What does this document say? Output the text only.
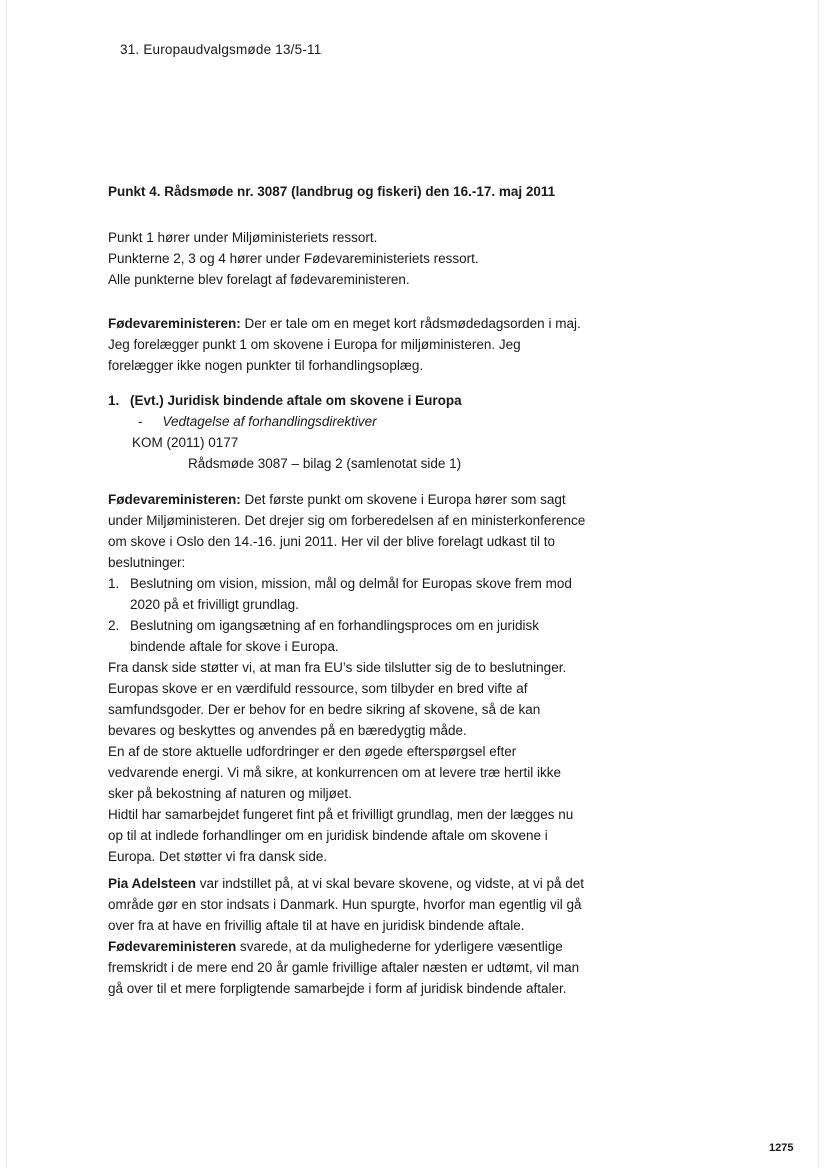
31. Europaudvalgsmøde 13/5-11
Punkt 4. Rådsmøde nr. 3087 (landbrug og fiskeri) den 16.-17. maj 2011

Punkt 1 hører under Miljøministeriets ressort.

Punkterne 2, 3 og 4 hører under Fødevareministeriets ressort.

Alle punkterne blev forelagt af fødevareministeren.

Fødevareministeren: Der er tale om en meget kort rådsmødedagsorden i maj. Jeg forelægger punkt 1 om skovene i Europa for miljøministeren. Jeg forelægger ikke nogen punkter til forhandlingsoplæg.

1. (Evt.) Juridisk bindende aftale om skovene i Europa
- Vedtagelse af forhandlingsdirektiver
KOM (2011) 0177
Rådsmøde 3087 – bilag 2 (samlenotat side 1)

Fødevareministeren: Det første punkt om skovene i Europa hører som sagt under Miljøministeren. Det drejer sig om forberedelsen af en ministerkonference om skove i Oslo den 14.-16. juni 2011. Her vil der blive forelagt udkast til to beslutninger:

1. Beslutning om vision, mission, mål og delmål for Europas skove frem mod 2020 på et frivilligt grundlag.
2. Beslutning om igangsætning af en forhandlingsproces om en juridisk bindende aftale for skove i Europa.

Fra dansk side støtter vi, at man fra EU’s side tilslutter sig de to beslutninger. Europas skove er en værdifuld ressource, som tilbyder en bred vifte af samfundsgoder. Der er behov for en bedre sikring af skovene, så de kan bevares og beskyttes og anvendes på en bæredygtig måde.

En af de store aktuelle udfordringer er den øgede efterspørgsel efter vedvarende energi. Vi må sikre, at konkurrencen om at levere træ hertil ikke sker på bekostning af naturen og miljøet.

Hidtil har samarbejdet fungeret fint på et frivilligt grundlag, men der lægges nu op til at indlede forhandlinger om en juridisk bindende aftale om skovene i Europa. Det støtter vi fra dansk side.

Pia Adelsteen var indstillet på, at vi skal bevare skovene, og vidste, at vi på det område gør en stor indsats i Danmark. Hun spurgte, hvorfor man egentlig vil gå over fra at have en frivillig aftale til at have en juridisk bindende aftale.

Fødevareministeren svarede, at da mulighederne for yderligere væsentlige fremskridt i de mere end 20 år gamle frivillige aftaler næsten er udtømt, vil man gå over til et mere forpligtende samarbejde i form af juridisk bindende aftaler.

1275
